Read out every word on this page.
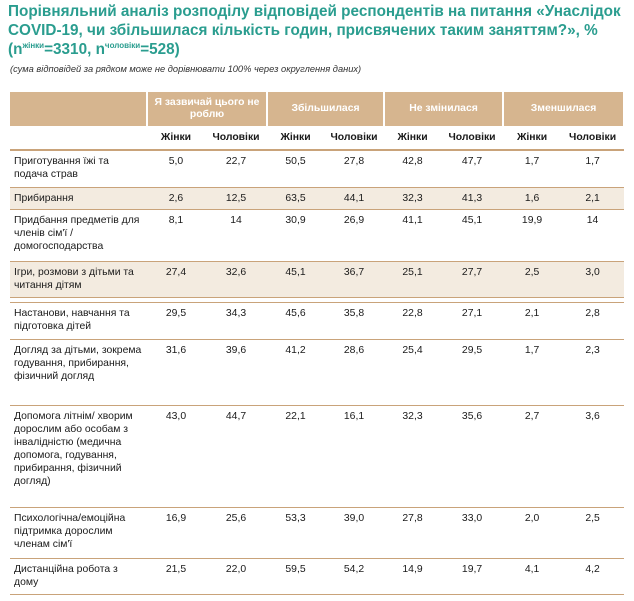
Порівняльний аналіз розподілу відповідей респондентів на питання «Унаслідок
COVID-19, чи збільшилася кількість годин, присвячених таким заняттям?», %
($n^{жінки}=3310$, $n^{чоловіки}=528$)
(сума відповідей за рядком може не дорівнювати 100% через округлення даних)
	Я зазвичай цього не роблю		Збільшилася		Не змінилася		Зменшилася	
	Жінки	Чоловіки	Жінки	Чоловіки	Жінки	Чоловіки	Жінки	Чоловіки
Приготування їжі та подача страв	5,0	22,7	50,5	27,8	42,8	47,7	1,7	1,7
Прибирання	2,6	12,5	63,5	44,1	32,3	41,3	1,6	2,1
Придбання предметів для членів сім'ї / домогосподарства	8,1	14	30,9	26,9	41,1	45,1	19,9	14
Ігри, розмови з дітьми та читання дітям	27,4	32,6	45,1	36,7	25,1	27,7	2,5	3,0

Настанови, навчання та підготовка дітей	29,5	34,3	45,6	35,8	22,8	27,1	2,1	2,8
Догляд за дітьми, зокрема годування, прибирання, фізичний догляд	31,6	39,6	41,2	28,6	25,4	29,5	1,7	2,3
Допомога літнім/ хворим дорослим або особам з інвалідністю (медична допомога, годування, прибирання, фізичний догляд)	43,0	44,7	22,1	16,1	32,3	35,6	2,7	3,6
Психологічна/емоційна підтримка дорослим членам сім'ї	16,9	25,6	53,3	39,0	27,8	33,0	2,0	2,5
Дистанційна робота з дому	21,5	22,0	59,5	54,2	14,9	19,7	4,1	4,2
